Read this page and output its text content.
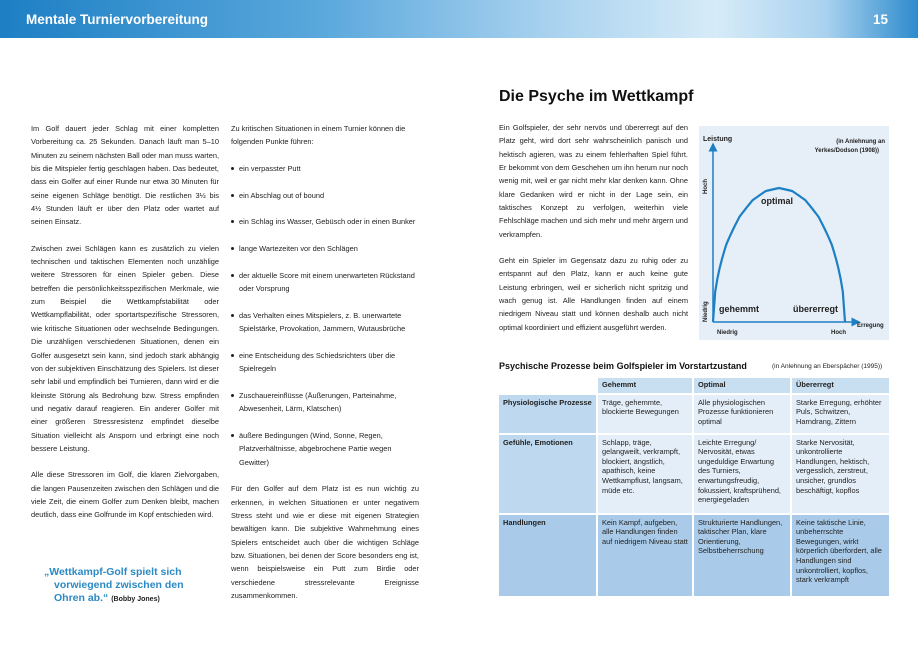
Mentale Turniervorbereitung	15

Im Golf dauert jeder Schlag mit einer kompletten Vorbereitung ca. 25 Sekunden. Danach läuft man 5–10 Minuten zu seinem nächsten Ball oder man muss warten, bis die Mitspieler fertig geschlagen haben. Das bedeutet, dass ein Golfer auf einer Runde nur etwa 30 Minuten für seine eigenen Schläge benötigt. Die restlichen 3½ bis 4½ Stunden läuft er über den Platz oder wartet auf seinen Einsatz.

Zwischen zwei Schlägen kann es zusätzlich zu vielen technischen und taktischen Elementen noch unzählige weitere Stressoren für einen Spieler geben. Diese betreffen die persönlichkeitsspezifischen Merkmale, wie zum Beispiel die Wettkampfstabilität oder Wettkampflabilität, oder sportartspezifische Stressoren, wie kritische Situationen oder wechselnde Bedingungen. Die unzähligen verschiedenen Situationen, denen ein Golfer ausgesetzt sein kann, sind jedoch stark abhängig von der subjektiven Einschätzung des Spielers. Ist dieser sehr labil und empfindlich bei Turnieren, dann wird er die kleinste Störung als Bedrohung bzw. Stress empfinden und negativ darauf reagieren. Ein anderer Golfer mit einer größeren Stressresistenz empfindet dieselbe Situation vielleicht als Ansporn und erbringt eine noch bessere Leistung.

Alle diese Stressoren im Golf, die klaren Zielvorgaben, die langen Pausenzeiten zwischen den Schlägen und die viele Zeit, die einem Golfer zum Denken bleibt, machen deutlich, dass eine Golfrunde im Kopf entschieden wird.

„Wettkampf-Golf spielt sich
vorwiegend zwischen den
Ohren ab.“ (Bobby Jones)
Zu kritischen Situationen in einem Turnier können die folgenden Punkte führen:
ein verpasster Putt
ein Abschlag out of bound
ein Schlag ins Wasser, Gebüsch oder in einen Bunker
lange Wartezeiten vor den Schlägen
der aktuelle Score mit einem unerwarteten Rückstand oder Vorsprung
das Verhalten eines Mitspielers, z. B. unerwartete Spielstärke, Provokation, Jammern, Wutausbrüche
eine Entscheidung des Schiedsrichters über die Spielregeln
Zuschauereinflüsse (Äußerungen, Parteinahme, Abwesenheit, Lärm, Klatschen)
äußere Bedingungen (Wind, Sonne, Regen, Platzverhältnisse, abgebrochene Partie wegen Gewitter)
Für den Golfer auf dem Platz ist es nun wichtig zu erkennen, in welchen Situationen er unter negativem Stress steht und wie er diese mit eigenen Strategien bewältigen kann. Die subjektive Wahrnehmung eines Spielers entscheidet auch über die wichtigen Schläge bzw. Situationen, bei denen der Score besonders eng ist, wenn beispielsweise ein Putt zum Birdie oder verschiedene stressrelevante Ereignisse zusammenkommen.
Die Psyche im Wettkampf

Ein Golfspieler, der sehr nervös und übererregt auf den Platz geht, wird dort sehr wahrscheinlich panisch und hektisch agieren, was zu einem fehlerhaften Spiel führt. Er bekommt von dem Geschehen um ihn herum nur noch wenig mit, weil er gar nicht mehr klar denken kann. Ohne klare Gedanken wird er nicht in der Lage sein, ein taktisches Konzept zu verfolgen, weiterhin viele Fehlschläge machen und sich mehr und mehr ärgern und verkrampfen.

Geht ein Spieler im Gegensatz dazu zu ruhig oder zu entspannt auf den Platz, kann er auch keine gute Leistung erbringen, weil er sicherlich nicht spritzig und wach genug ist. Alle Handlungen finden auf einem niedrigem Niveau statt und können deshalb auch nicht optimal koordiniert und effizient ausgeführt werden.

Leistung	(in Anlehnung an
Yerkes/Dodson (1908))
Hoch
Niedrig
Niedrig	Hoch
Erregung
gehemmt
optimal
übererregt
Psychische Prozesse beim Golfspieler im Vorstartzustand	(in Anlehnung an Eberspächer (1995))
	Gehemmt	Optimal	Übererregt
Physiologische Prozesse	Träge, gehemmte, blockierte Bewegungen	Alle physiologischen Prozesse funktionieren optimal	Starke Erregung, erhöhter Puls, Schwitzen, Harndrang, Zittern
Gefühle, Emotionen	Schlapp, träge, gelangweilt, verkrampft, blockiert, ängstlich, apathisch, keine Wettkampflust, langsam, müde etc.	Leichte Erregung/ Nervosität, etwas ungeduldige Erwartung des Turniers, erwartungsfreudig, fokussiert, kraftsprühend, energiegeladen	Starke Nervosität, unkontrollierte Handlungen, hektisch, vergesslich, zerstreut, unsicher, grundlos beschäftigt, kopflos
Handlungen	Kein Kampf, aufgeben, alle Handlungen finden auf niedrigem Niveau statt	Strukturierte Handlungen, taktischer Plan, klare Orientierung, Selbstbeherrschung	Keine taktische Linie, unbeherrschte Bewegungen, wirkt körperlich überfordert, alle Handlungen sind unkontrolliert, kopflos, stark verkrampft
